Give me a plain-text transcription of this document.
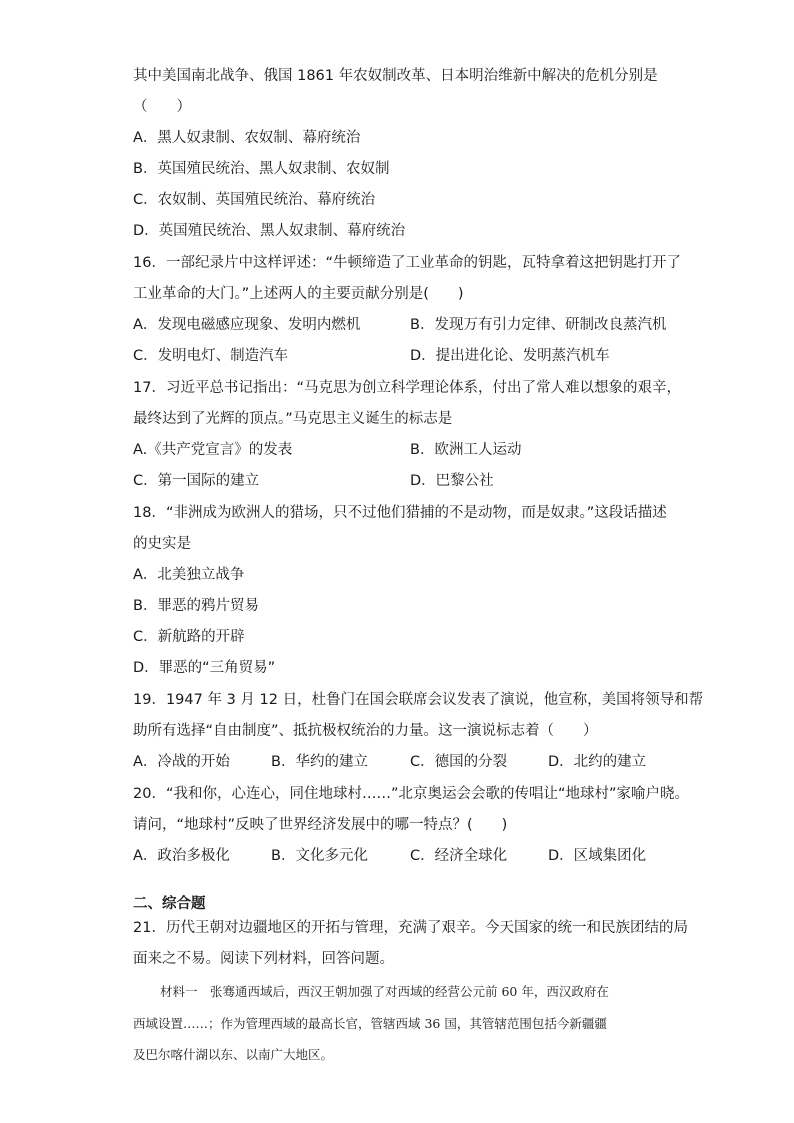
其中美国南北战争、俄国 1861 年农奴制改革、日本明治维新中解决的危机分别是
（　　）
A．黑人奴隶制、农奴制、幕府统治
B．英国殖民统治、黑人奴隶制、农奴制
C．农奴制、英国殖民统治、幕府统治
D．英国殖民统治、黑人奴隶制、幕府统治
16．一部纪录片中这样评述：“牛顿缔造了工业革命的钥匙，瓦特拿着这把钥匙打开了
工业革命的大门。”上述两人的主要贡献分别是(　　)
A．发现电磁感应现象、发明内燃机	B．发现万有引力定律、研制改良蒸汽机
C．发明电灯、制造汽车	D．提出进化论、发明蒸汽机车
17．习近平总书记指出：“马克思为创立科学理论体系，付出了常人难以想象的艰辛，
最终达到了光辉的顶点。”马克思主义诞生的标志是
A.《共产党宣言》的发表	B．欧洲工人运动
C．第一国际的建立	D．巴黎公社
18．“非洲成为欧洲人的猎场，只不过他们猎捕的不是动物，而是奴隶。”这段话描述
的史实是
A．北美独立战争
B．罪恶的鸦片贸易
C．新航路的开辟
D．罪恶的“三角贸易”
19．1947 年 3 月 12 日，杜鲁门在国会联席会议发表了演说，他宣称，美国将领导和帮
助所有选择“自由制度”、抵抗极权统治的力量。这一演说标志着（　　）
A．冷战的开始	B．华约的建立	C．德国的分裂	D．北约的建立
20．“我和你，心连心，同住地球村……”北京奥运会会歌的传唱让“地球村”家喻户晓。
请问，“地球村”反映了世界经济发展中的哪一特点？(　　)
A．政治多极化	B．文化多元化	C．经济全球化	D．区域集团化
二、综合题
21．历代王朝对边疆地区的开拓与管理，充满了艰辛。今天国家的统一和民族团结的局
面来之不易。阅读下列材料，回答问题。
材料一　张骞通西域后，西汉王朝加强了对西域的经营公元前 60 年，西汉政府在
西域设置……；作为管理西域的最高长官，管辖西域 36 国，其管辖范围包括今新疆疆
及巴尔喀什湖以东、以南广大地区。
